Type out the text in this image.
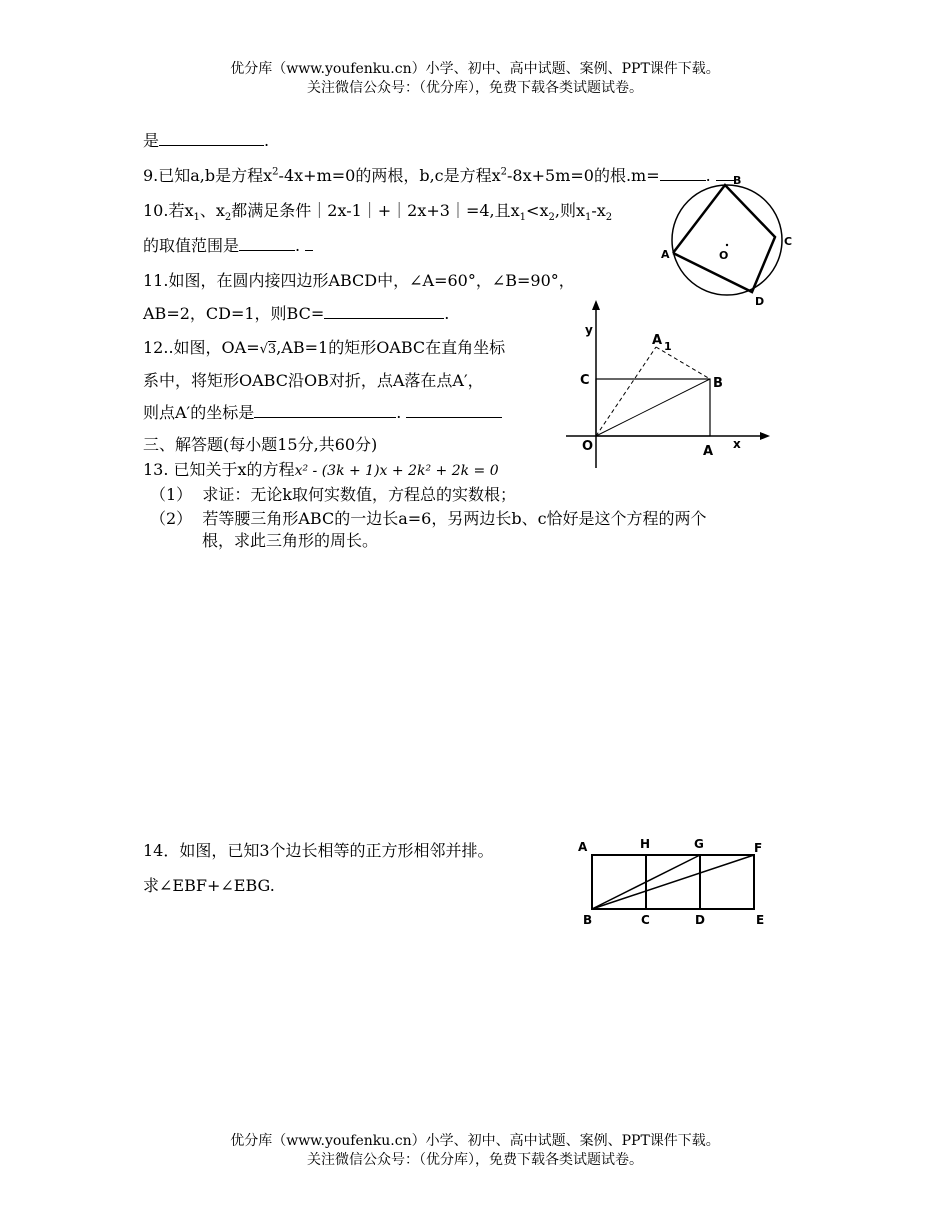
优分库（www.youfenku.cn）小学、初中、高中试题、案例、PPT课件下载。
关注微信公众号：（优分库），免费下载各类试题试卷。
是	.
9.已知a,b是方程$x^2-4x+m=0$的两根，b,c是方程$x^2-8x+5m=0$的根.m=	.
10.若$x_1$、$x_2$都满足条件｜2x-1｜+｜2x+3｜=4,且$x_1<x_2$,则$x_1-x_2$
的取值范围是	.
11.如图，在圆内接四边形ABCD中，∠A=60°，∠B=90°，
AB=2，CD=1，则BC=	.
12..如图，OA=√3,AB=1的矩形OABC在直角坐标
系中，将矩形OABC沿OB对折，点A落在点A′，
则点A′的坐标是	.
三、解答题(每小题15分,共60分)
13. 已知关于x的方程x² - (3k + 1)x + 2k² + 2k = 0
（1） 求证：无论k取何实数值，方程总的实数根；
（2） 若等腰三角形ABC的一边长a=6，另两边长b、c恰好是这个方程的两个
根，求此三角形的周长。
14．如图，已知3个边长相等的正方形相邻并排。
求∠EBF+∠EBG.
A
B
C
D
O
y
x
C	B
O	A
A 1
A	H	G	F
B	C	D	E
优分库（www.youfenku.cn）小学、初中、高中试题、案例、PPT课件下载。
关注微信公众号：（优分库），免费下载各类试题试卷。
